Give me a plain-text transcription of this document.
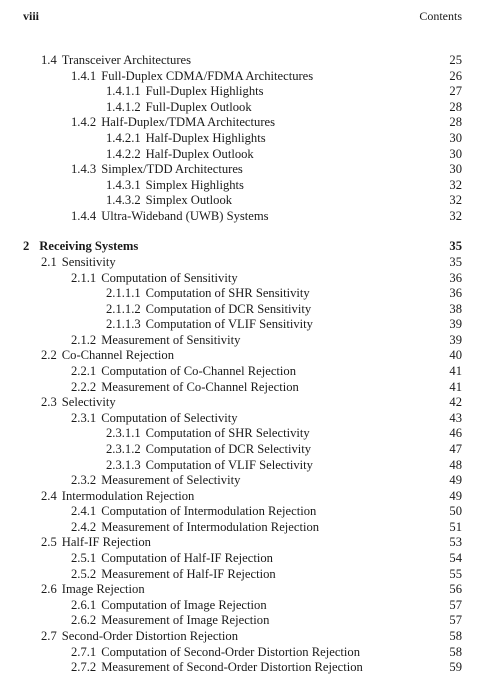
viii	Contents
1.4 Transceiver Architectures	25
1.4.1 Full-Duplex CDMA/FDMA Architectures	26
1.4.1.1 Full-Duplex Highlights	27
1.4.1.2 Full-Duplex Outlook	28
1.4.2 Half-Duplex/TDMA Architectures	28
1.4.2.1 Half-Duplex Highlights	30
1.4.2.2 Half-Duplex Outlook	30
1.4.3 Simplex/TDD Architectures	30
1.4.3.1 Simplex Highlights	32
1.4.3.2 Simplex Outlook	32
1.4.4 Ultra-Wideband (UWB) Systems	32
2 Receiving Systems	35
2.1 Sensitivity	35
2.1.1 Computation of Sensitivity	36
2.1.1.1 Computation of SHR Sensitivity	36
2.1.1.2 Computation of DCR Sensitivity	38
2.1.1.3 Computation of VLIF Sensitivity	39
2.1.2 Measurement of Sensitivity	39
2.2 Co-Channel Rejection	40
2.2.1 Computation of Co-Channel Rejection	41
2.2.2 Measurement of Co-Channel Rejection	41
2.3 Selectivity	42
2.3.1 Computation of Selectivity	43
2.3.1.1 Computation of SHR Selectivity	46
2.3.1.2 Computation of DCR Selectivity	47
2.3.1.3 Computation of VLIF Selectivity	48
2.3.2 Measurement of Selectivity	49
2.4 Intermodulation Rejection	49
2.4.1 Computation of Intermodulation Rejection	50
2.4.2 Measurement of Intermodulation Rejection	51
2.5 Half-IF Rejection	53
2.5.1 Computation of Half-IF Rejection	54
2.5.2 Measurement of Half-IF Rejection	55
2.6 Image Rejection	56
2.6.1 Computation of Image Rejection	57
2.6.2 Measurement of Image Rejection	57
2.7 Second-Order Distortion Rejection	58
2.7.1 Computation of Second-Order Distortion Rejection	58
2.7.2 Measurement of Second-Order Distortion Rejection	59
